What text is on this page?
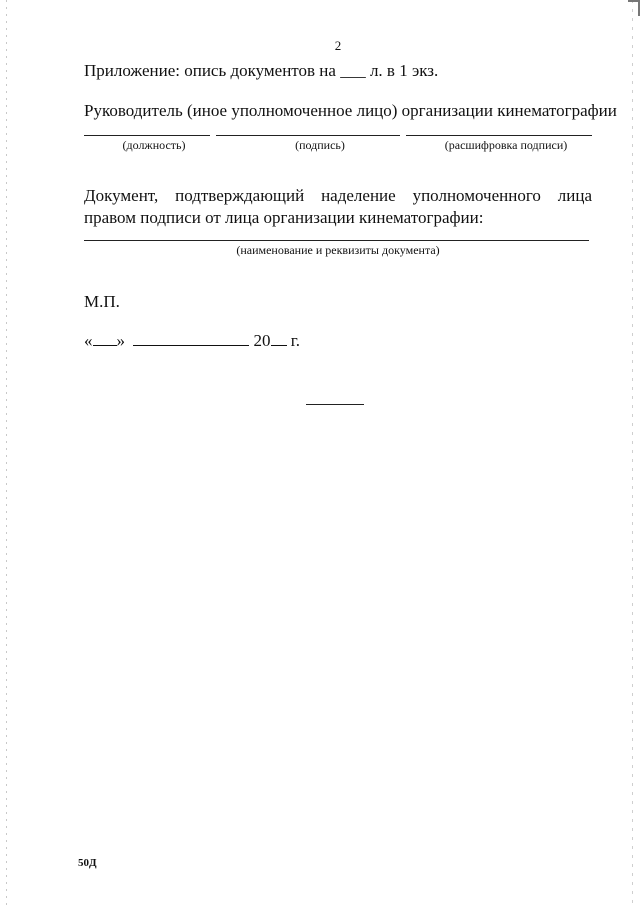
2
Приложение: опись документов на ___ л. в 1 экз.
Руководитель (иное уполномоченное лицо) организации кинематографии
(должность)	(подпись)	(расшифровка подписи)
Документ, подтверждающий наделение уполномоченного лица правом подписи от лица организации кинематографии:
(наименование и реквизиты документа)
М.П.
« »	20 г.
50Д
